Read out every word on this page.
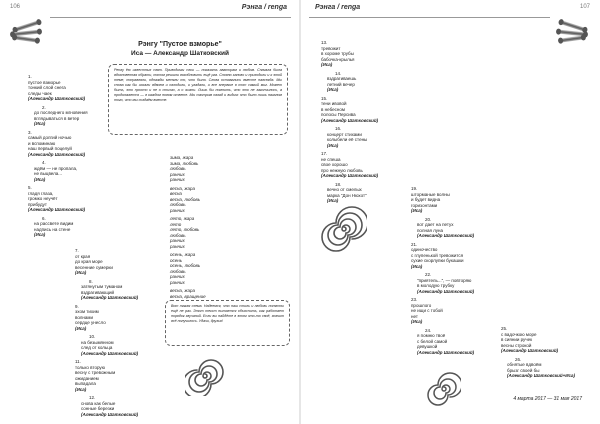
106	Рэнга / renga
Рэнгу "Пустое взморье"
Иса — Александр Шатковский
Ренгу ëю известных свят. Приводимы свои — показать аваторам и любом. Сначала была вдохновенная обрати, потом решили возобновить ещё раз. Словно заново и приходили и к этой теме, поправляли, однажды меняли то, что было. Слова оставались вместе навсегда. Мы снова как бы искали вдвоем и находили, и угадали, и все впервые в тот самый миг. Может быть, это просто и не о стихах, а о жизни. Лишь бы помнить, что это не закончилось, а продолжается — в каждом новом ответе. Мы смотрим назад и видим: это было лишь началом того, что мы создаём вместе.
1.
пустое взморье
тонкий слой снега
следы чаек
(Александр Шатковский)
2.
до последнего мгновения
вглядываться в ветер
(Иса)
3.
самый долгий ночью
и вспоминаю
наш первый поцелуй
(Александр Шатковский)
4.
ждём — не пропала,
не выцвела...
(Иса)
5.
гладя глаза,
громко неучёт
прибудут
(Александр Шатковский)
6.
на рассвете видим
надпись на стене
(Иса)
7.
от края
до края море
весенние сумерки
(Иса)
8.
затянутым туманом
вздрагивающий
(Александр Шатковский)
9.
эхом тихим
волнами
сердце унесло
(Иса)
10.
на безымянном
след от кольца
(Александр Шатковский)
11.
только вторую
весну с тревожным
ожиданием
выпадала
(Иса)
12.
снова как белые
сонные березки
(Александр Шатковский)
зима, жара
зима, любовь
любовь
ранних
ранних
весна, жара
весна
весна, любовь
любовь
ранних
лето, жара
лето
лето, любовь
любовь
ранних
ранних
осень, жара
осень
осень, любовь
любовь
ранних
ранних
весна, жара
весна, вращение
Вот такая схема. Надеемся, что наш стиль и любовь понятны ещё не раз. Этот текст пытается объяснить, как работает порядок звучаний. Если вы найдёте в этом что-то своё, значит всё получилось. Удачи, друзья!
Рэнга / renga	107
13.
тревожит
в хороме трубы
бабочка-крылья
(Иса)
14.
вздрагиваешь
летний вечер
(Иса)
15.
тени ивовой
в небесном
полосы Персива
(Александр Шатковский)
16.
концерт стихами
колыбели её стены
(Иса)
17.
не спеша
свое хорошо
про нежную любовь
(Александр Шатковский)
18.
вечно от смелых
марка "Дон Нюхот"
(Иса)
19.
шторманые волны
и будет видна
горизонтами
(Иса)
20.
вот дает на петух
полная луна
(Александр Шатковский)
21.
одиночество
с глупенькой тревожится
сухие скорлупки букашки
(Иса)
22.
"приятель...", — повторяю
в молодую трубку
(Александр Шатковский)
23.
прошлого
не ищи с тобой
нет
(Иса)
24.
я помню твоё
с белой самой
девушкой
(Александр Шатковский)
25.
с вадочкою море
в сиянии ручек
весны строкой
(Александр Шатковский)
26.
обнятые вдвоём
брызг своей бы
(Александр Шатковский+Иса)
4 марта 2017 — 31 мая 2017
